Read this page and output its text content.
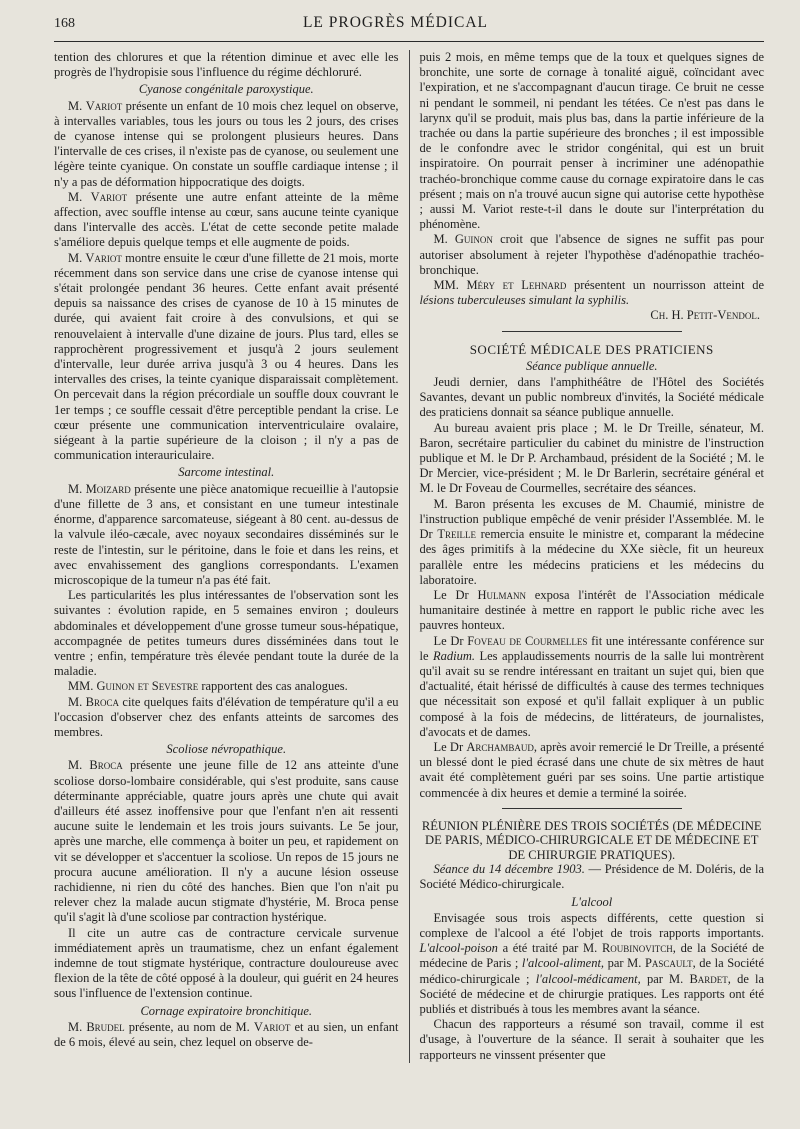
168	LE PROGRÈS MÉDICAL

tention des chlorures et que la rétention diminue et avec elle les progrès de l'hydropisie sous l'influence du régime déchloruré.

Cyanose congénitale paroxystique.

M. Variot présente un enfant de 10 mois chez lequel on observe, à intervalles variables, tous les jours ou tous les 2 jours, des crises de cyanose intense qui se prolongent plusieurs heures. Dans l'intervalle de ces crises, il n'existe pas de cyanose, ou seulement une légère teinte cyanique. On constate un souffle cardiaque intense ; il n'y a pas de déformation hippocratique des doigts.

M. Variot présente une autre enfant atteinte de la même affection, avec souffle intense au cœur, sans aucune teinte cyanique dans l'intervalle des accès. L'état de cette seconde petite malade s'améliore depuis quelque temps et elle augmente de poids.

M. Variot montre ensuite le cœur d'une fillette de 21 mois, morte récemment dans son service dans une crise de cyanose intense qui s'était prolongée pendant 36 heures. Cette enfant avait présenté depuis sa naissance des crises de cyanose de 10 à 15 minutes de durée, qui avaient fait croire à des convulsions, et qui se renouvelaient à intervalle d'une dizaine de jours. Plus tard, elles se rapprochèrent progressivement et jusqu'à 2 jours seulement d'intervalle, leur durée arriva jusqu'à 3 ou 4 heures. Dans les intervalles des crises, la teinte cyanique disparaissait complètement. On percevait dans la région précordiale un souffle doux couvrant le 1er temps ; ce souffle cessait d'être perceptible pendant la crise. Le cœur présente une communication interventriculaire ovalaire, siégeant à la partie supérieure de la cloison ; il n'y a pas de communication interauriculaire.

Sarcome intestinal.

M. Moizard présente une pièce anatomique recueillie à l'autopsie d'une fillette de 3 ans, et consistant en une tumeur intestinale énorme, d'apparence sarcomateuse, siégeant à 80 cent. au-dessus de la valvule iléo-cæcale, avec noyaux secondaires disséminés sur le reste de l'intestin, sur le péritoine, dans le foie et dans les reins, et avec envahissement des ganglions correspondants. L'examen microscopique de la tumeur n'a pas été fait.

Les particularités les plus intéressantes de l'observation sont les suivantes : évolution rapide, en 5 semaines environ ; douleurs abdominales et développement d'une grosse tumeur sous-hépatique, accompagnée de petites tumeurs dures disséminées dans tout le ventre ; enfin, température très élevée pendant toute la durée de la maladie.

MM. Guinon et Sevestre rapportent des cas analogues.

M. Broca cite quelques faits d'élévation de température qu'il a eu l'occasion d'observer chez des enfants atteints de sarcomes des membres.

Scoliose névropathique.

M. Broca présente une jeune fille de 12 ans atteinte d'une scoliose dorso-lombaire considérable, qui s'est produite, sans cause déterminante appréciable, quatre jours après une chute qui avait d'ailleurs été assez inoffensive pour que l'enfant n'en ait ressenti aucune suite le lendemain et les trois jours suivants. Le 5e jour, après une marche, elle commença à boiter un peu, et rapidement on vit se développer et s'accentuer la scoliose. Un repos de 15 jours ne procura aucune amélioration. Il n'y a aucune lésion osseuse rachidienne, ni rien du côté des hanches. Bien que l'on n'ait pu relever chez la malade aucun stigmate d'hystérie, M. Broca pense qu'il s'agit là d'une scoliose par contraction hystérique.

Il cite un autre cas de contracture cervicale survenue immédiatement après un traumatisme, chez un enfant également indemne de tout stigmate hystérique, contracture douloureuse avec flexion de la tête de côté opposé à la douleur, qui guérit en 24 heures sous l'influence de l'extension continue.

Cornage expiratoire bronchitique.

M. Brudel présente, au nom de M. Variot et au sien, un enfant de 6 mois, élevé au sein, chez lequel on observe de-

puis 2 mois, en même temps que de la toux et quelques signes de bronchite, une sorte de cornage à tonalité aiguë, coïncidant avec l'expiration, et ne s'accompagnant d'aucun tirage. Ce bruit ne cesse ni pendant le sommeil, ni pendant les tétées. Ce n'est pas dans le larynx qu'il se produit, mais plus bas, dans la partie inférieure de la trachée ou dans la partie supérieure des bronches ; il est impossible de le confondre avec le stridor congénital, qui est un bruit inspiratoire. On pourrait penser à incriminer une adénopathie trachéo-bronchique comme cause du cornage expiratoire dans le cas présent ; mais on n'a trouvé aucun signe qui autorise cette hypothèse ; aussi M. Variot reste-t-il dans le doute sur l'interprétation du phénomène.

M. Guinon croit que l'absence de signes ne suffit pas pour autoriser absolument à rejeter l'hypothèse d'adénopathie trachéo-bronchique.

MM. Méry et Lehnard présentent un nourrisson atteint de lésions tuberculeuses simulant la syphilis.

Ch. H. Petit-Vendol.
SOCIÉTÉ MÉDICALE DES PRATICIENS
Séance publique annuelle.

Jeudi dernier, dans l'amphithéâtre de l'Hôtel des Sociétés Savantes, devant un public nombreux d'invités, la Société médicale des praticiens donnait sa séance publique annuelle.

Au bureau avaient pris place ; M. le Dr Treille, sénateur, M. Baron, secrétaire particulier du cabinet du ministre de l'instruction publique et M. le Dr P. Archambaud, président de la Société ; M. le Dr Mercier, vice-président ; M. le Dr Barlerin, secrétaire général et M. le Dr Foveau de Courmelles, secrétaire des séances.

M. Baron présenta les excuses de M. Chaumié, ministre de l'instruction publique empêché de venir présider l'Assemblée. M. le Dr Treille remercia ensuite le ministre et, comparant la médecine des âges primitifs à la médecine du XXe siècle, fit un heureux parallèle entre les médecins praticiens et les médecins du laboratoire.

Le Dr Hulmann exposa l'intérêt de l'Association médicale humanitaire destinée à mettre en rapport le public riche avec les pauvres honteux.

Le Dr Foveau de Courmelles fit une intéressante conférence sur le Radium. Les applaudissements nourris de la salle lui montrèrent qu'il avait su se rendre intéressant en traitant un sujet qui, bien que d'actualité, était hérissé de difficultés à cause des termes techniques que nécessitait son exposé et qu'il fallait expliquer à un public composé à la fois de médecins, de littérateurs, de journalistes, d'avocats et de dames.

Le Dr Archambaud, après avoir remercié le Dr Treille, a présenté un blessé dont le pied écrasé dans une chute de six mètres de haut avait été complètement guéri par ses soins. Une partie artistique commencée à dix heures et demie a terminé la soirée.

RÉUNION PLÉNIÈRE DES TROIS SOCIÉTÉS (DE MÉDECINE DE PARIS, MÉDICO-CHIRURGICALE ET DE MÉDECINE ET DE CHIRURGIE PRATIQUES).

Séance du 14 décembre 1903. — Présidence de M. Doléris, de la Société Médico-chirurgicale.

L'alcool

Envisagée sous trois aspects différents, cette question si complexe de l'alcool a été l'objet de trois rapports importants. L'alcool-poison a été traité par M. Roubinovitch, de la Société de médecine de Paris ; l'alcool-aliment, par M. Pascault, de la Société médico-chirurgicale ; l'alcool-médicament, par M. Bardet, de la Société de médecine et de chirurgie pratiques. Les rapports ont été publiés et distribués à tous les membres avant la séance.

Chacun des rapporteurs a résumé son travail, comme il est d'usage, à l'ouverture de la séance. Il serait à souhaiter que les rapporteurs ne vinssent présenter que
